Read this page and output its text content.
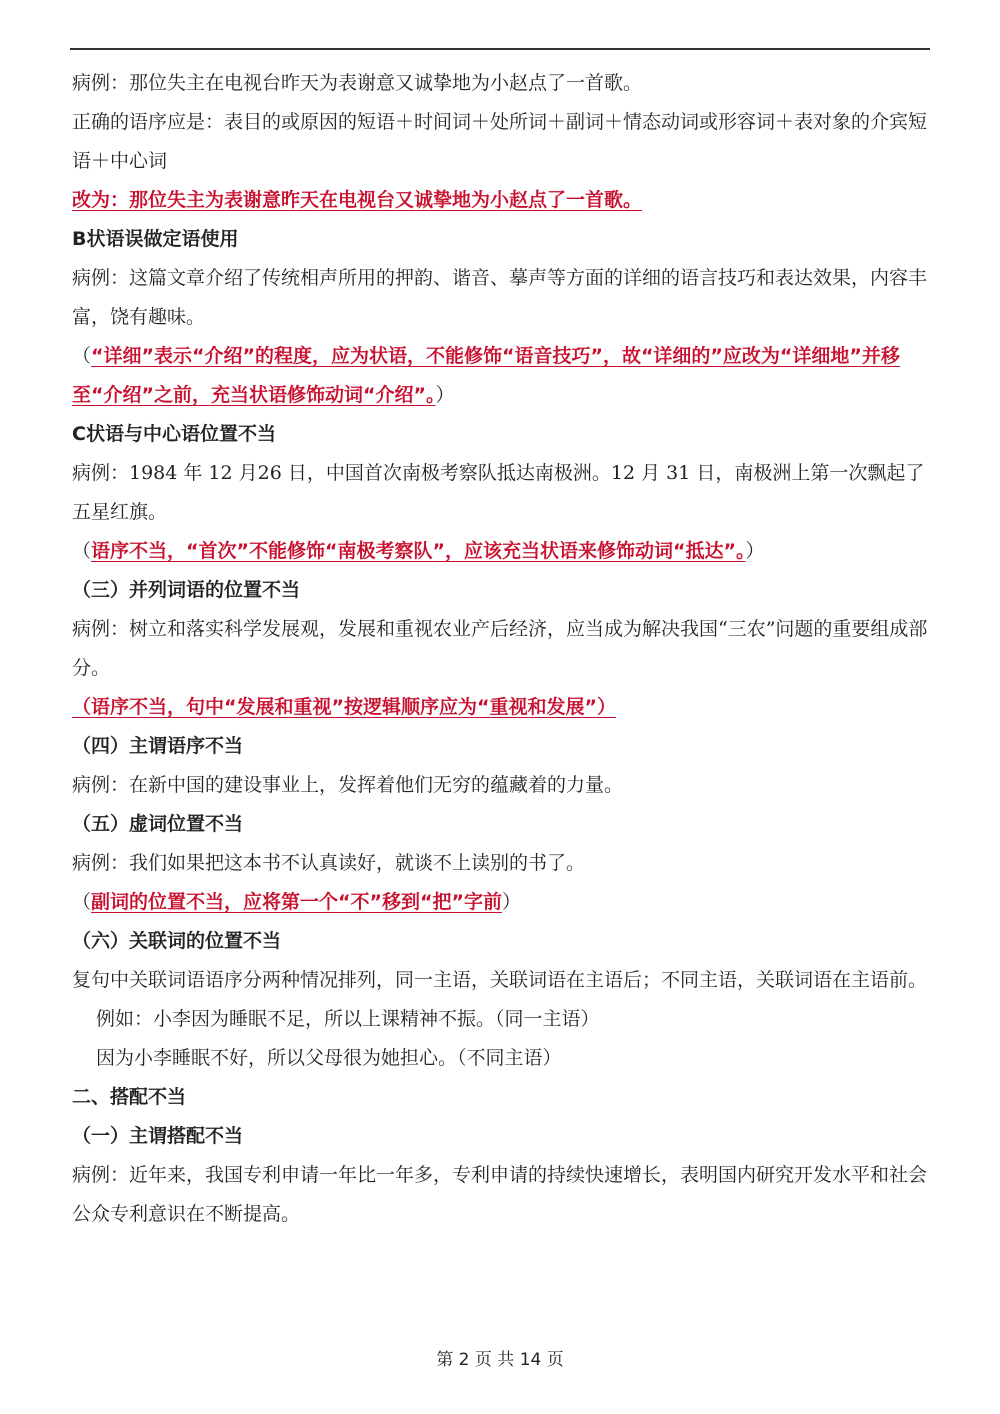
病例：那位失主在电视台昨天为表谢意又诚挚地为小赵点了一首歌。
正确的语序应是：表目的或原因的短语＋时间词＋处所词＋副词＋情态动词或形容词＋表对象的介宾短语＋中心词
改为：那位失主为表谢意昨天在电视台又诚挚地为小赵点了一首歌。
B状语误做定语使用
病例：这篇文章介绍了传统相声所用的押韵、谐音、摹声等方面的详细的语言技巧和表达效果，内容丰富，饶有趣味。
（“详细”表示“介绍”的程度，应为状语，不能修饰“语音技巧”，故“详细的”应改为“详细地”并移至“介绍”之前，充当状语修饰动词“介绍”。）
C状语与中心语位置不当
病例：1984 年 12 月26 日，中国首次南极考察队抵达南极洲。12 月 31 日，南极洲上第一次飘起了五星红旗。
（语序不当，“首次”不能修饰“南极考察队”，应该充当状语来修饰动词“抵达”。）
（三）并列词语的位置不当
病例：树立和落实科学发展观，发展和重视农业产后经济，应当成为解决我国“三农”问题的重要组成部分。
（语序不当，句中“发展和重视”按逻辑顺序应为“重视和发展”）
（四）主谓语序不当
病例：在新中国的建设事业上，发挥着他们无穷的蕴藏着的力量。
（五）虚词位置不当
病例：我们如果把这本书不认真读好，就谈不上读别的书了。
（副词的位置不当，应将第一个“不”移到“把”字前）
（六）关联词的位置不当
复句中关联词语语序分两种情况排列，同一主语，关联词语在主语后；不同主语，关联词语在主语前。
例如：小李因为睡眠不足，所以上课精神不振。（同一主语）
因为小李睡眠不好，所以父母很为她担心。（不同主语）
二、搭配不当
（一）主谓搭配不当
病例：近年来，我国专利申请一年比一年多，专利申请的持续快速增长，表明国内研究开发水平和社会公众专利意识在不断提高。
第 2 页 共 14 页
